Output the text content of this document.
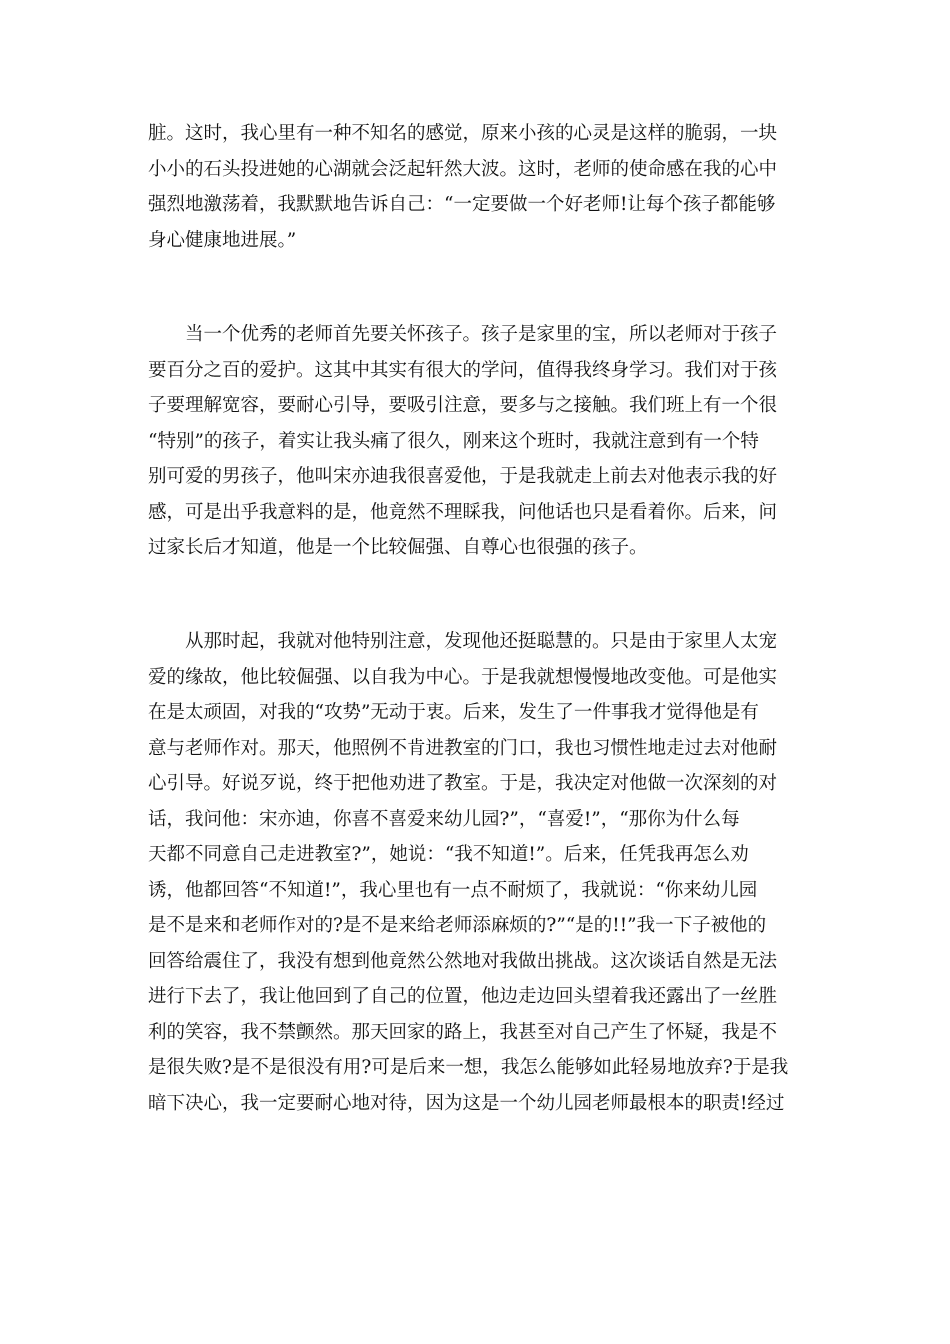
脏。这时，我心里有一种不知名的感觉，原来小孩的心灵是这样的脆弱，一块
小小的石头投进她的心湖就会泛起轩然大波。这时，老师的使命感在我的心中
强烈地激荡着，我默默地告诉自己：“一定要做一个好老师!让每个孩子都能够
身心健康地进展。”
当一个优秀的老师首先要关怀孩子。孩子是家里的宝，所以老师对于孩子
要百分之百的爱护。这其中其实有很大的学问，值得我终身学习。我们对于孩
子要理解宽容，要耐心引导，要吸引注意，要多与之接触。我们班上有一个很
“特别”的孩子，着实让我头痛了很久，刚来这个班时，我就注意到有一个特
别可爱的男孩子，他叫宋亦迪我很喜爱他，于是我就走上前去对他表示我的好
感，可是出乎我意料的是，他竟然不理睬我，问他话也只是看着你。后来，问
过家长后才知道，他是一个比较倔强、自尊心也很强的孩子。
从那时起，我就对他特别注意，发现他还挺聪慧的。只是由于家里人太宠
爱的缘故，他比较倔强、以自我为中心。于是我就想慢慢地改变他。可是他实
在是太顽固，对我的“攻势”无动于衷。后来，发生了一件事我才觉得他是有
意与老师作对。那天，他照例不肯进教室的门口，我也习惯性地走过去对他耐
心引导。好说歹说，终于把他劝进了教室。于是，我决定对他做一次深刻的对
话，我问他：宋亦迪，你喜不喜爱来幼儿园?”，“喜爱!”，“那你为什么每
天都不同意自己走进教室?”，她说：“我不知道!”。后来，任凭我再怎么劝
诱，他都回答“不知道!”，我心里也有一点不耐烦了，我就说：“你来幼儿园
是不是来和老师作对的?是不是来给老师添麻烦的?”“是的!!”我一下子被他的
回答给震住了，我没有想到他竟然公然地对我做出挑战。这次谈话自然是无法
进行下去了，我让他回到了自己的位置，他边走边回头望着我还露出了一丝胜
利的笑容，我不禁颤然。那天回家的路上，我甚至对自己产生了怀疑，我是不
是很失败?是不是很没有用?可是后来一想，我怎么能够如此轻易地放弃?于是我
暗下决心，我一定要耐心地对待，因为这是一个幼儿园老师最根本的职责!经过
